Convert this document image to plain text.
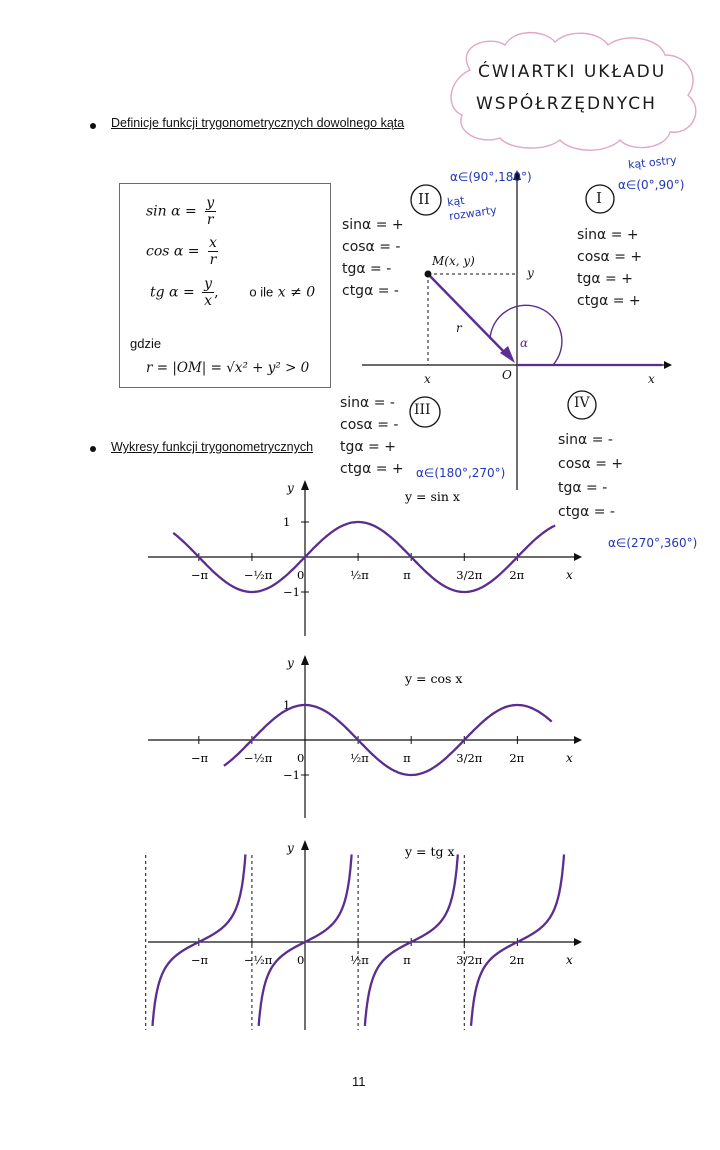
ĆWIARTKI UKŁADU
WSPÓŁRZĘDNYCH
Definicje funkcji trygonometrycznych dowolnego kąta
$\sin \alpha = \frac{y}{r}$
$\cos \alpha = \frac{x}{r}$
tg $\alpha = \frac{y}{x}$ , o ile x ≠ 0
gdzie
r = |OM| = √x² + y² > 0
M(x, y)
r
α
O	x
x
y
II	I
III	IV
α∈(90°,180°)
kąt rozwarty
sinα = +
cosα = -
tgα = -
ctgα = -
kąt ostry
α∈(0°,90°)
sinα = +
cosα = +
tgα = +
ctgα = +
sinα = -
cosα = -
tgα = +
ctgα = + α∈(180°,270°)
sinα = -
cosα = +
tgα = -
ctgα = -
α∈(270°,360°)
Wykresy funkcji trygonometrycznych
x
y
y = sin x
−π	−½π 0	½π	π	3/2π 2π
1
−1
x
y
y = cos x
−π	−½π 0	½π	π	3/2π 2π
1
−1
x
y	y = tg x
−π	−½π 0	½π	π	3/2π 2π
11
